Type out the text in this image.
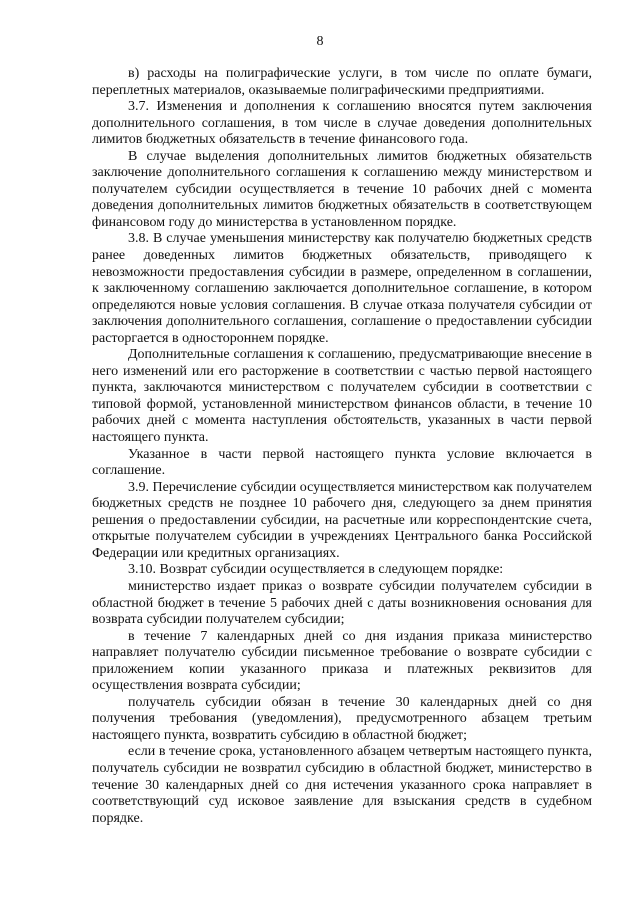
8

в) расходы на полиграфические услуги, в том числе по оплате бумаги, переплетных материалов, оказываемые полиграфическими предприятиями.

3.7. Изменения и дополнения к соглашению вносятся путем заключения дополнительного соглашения, в том числе в случае доведения дополнительных лимитов бюджетных обязательств в течение финансового года.

В случае выделения дополнительных лимитов бюджетных обязательств заключение дополнительного соглашения к соглашению между министерством и получателем субсидии осуществляется в течение 10 рабочих дней с момента доведения дополнительных лимитов бюджетных обязательств в соответствующем финансовом году до министерства в установленном порядке.

3.8. В случае уменьшения министерству как получателю бюджетных средств ранее доведенных лимитов бюджетных обязательств, приводящего к невозможности предоставления субсидии в размере, определенном в соглашении, к заключенному соглашению заключается дополнительное соглашение, в котором определяются новые условия соглашения. В случае отказа получателя субсидии от заключения дополнительного соглашения, соглашение о предоставлении субсидии расторгается в одностороннем порядке.

Дополнительные соглашения к соглашению, предусматривающие внесение в него изменений или его расторжение в соответствии с частью первой настоящего пункта, заключаются министерством с получателем субсидии в соответствии с типовой формой, установленной министерством финансов области, в течение 10 рабочих дней с момента наступления обстоятельств, указанных в части первой настоящего пункта.

Указанное в части первой настоящего пункта условие включается в соглашение.

3.9. Перечисление субсидии осуществляется министерством как получателем бюджетных средств не позднее 10 рабочего дня, следующего за днем принятия решения о предоставлении субсидии, на расчетные или корреспондентские счета, открытые получателем субсидии в учреждениях Центрального банка Российской Федерации или кредитных организациях.

3.10. Возврат субсидии осуществляется в следующем порядке:

министерство издает приказ о возврате субсидии получателем субсидии в областной бюджет в течение 5 рабочих дней с даты возникновения основания для возврата субсидии получателем субсидии;

в течение 7 календарных дней со дня издания приказа министерство направляет получателю субсидии письменное требование о возврате субсидии с приложением копии указанного приказа и платежных реквизитов для осуществления возврата субсидии;

получатель субсидии обязан в течение 30 календарных дней со дня получения требования (уведомления), предусмотренного абзацем третьим настоящего пункта, возвратить субсидию в областной бюджет;

если в течение срока, установленного абзацем четвертым настоящего пункта, получатель субсидии не возвратил субсидию в областной бюджет, министерство в течение 30 календарных дней со дня истечения указанного срока направляет в соответствующий суд исковое заявление для взыскания средств в судебном порядке.
